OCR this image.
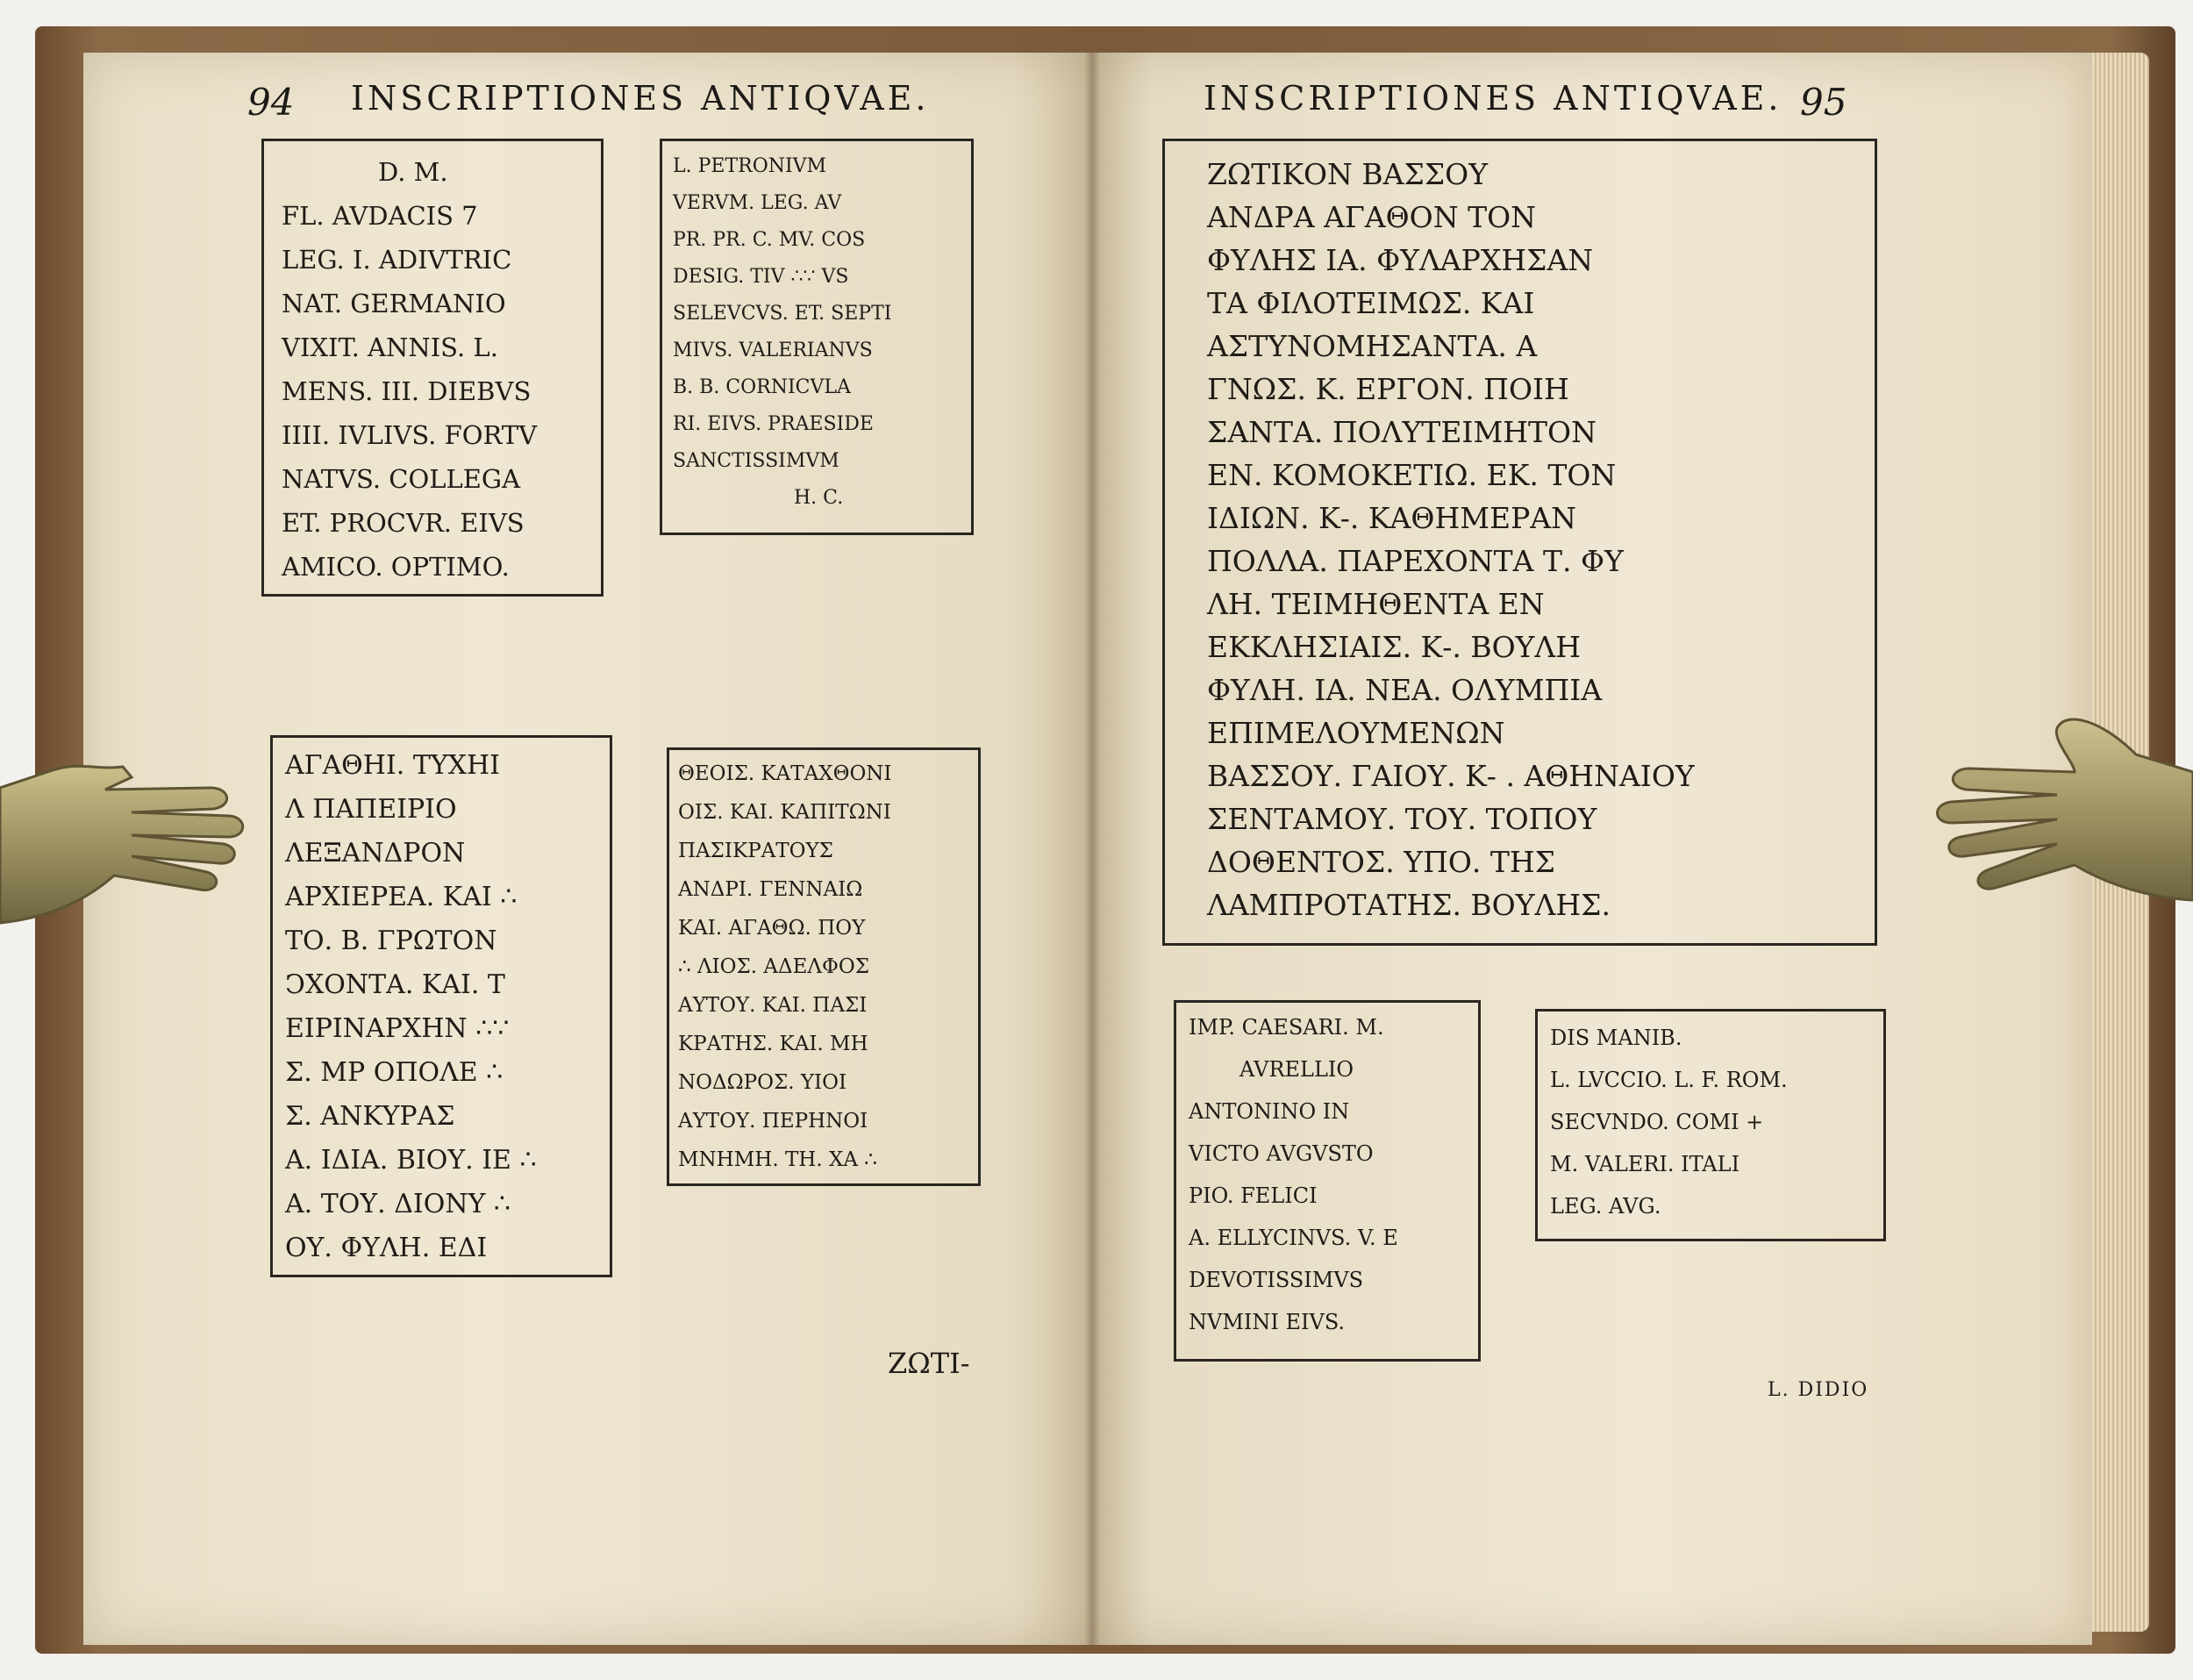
94 INSCRIPTIONES ANTIQVAE.	INSCRIPTIONES ANTIQVAE. 95
D. M.
FL. AVDACIS 7
LEG. I. ADIVTRIC
NAT. GERMANIO
VIXIT. ANNIS. L.
MENS. III. DIEBVS
IIII. IVLIVS. FORTV
NATVS. COLLEGA
ET. PROCVR. EIVS
AMICO. OPTIMO.
L. PETRONIVM
VERVM. LEG. AV
PR. PR. C. MV. COS
DESIG. TIV ∴∵ VS
SELEVCVS. ET. SEPTI
MIVS. VALERIANVS
B. B. CORNICVLA
RI. EIVS. PRAESIDE
SANCTISSIMVM
H. C.
ΑΓΑΘΗΙ. ΤΥΧΗΙ
Λ ΠΑΠΕΙΡΙΟ
ΛΕΞΑΝΔΡΟΝ
ΑΡΧΙΕΡΕΑ. ΚΑΙ ∴
ΤΟ. Β. ΓΡΩΤΟΝ
ϽΧΟΝΤΑ. ΚΑΙ. Τ
ΕΙΡΙΝΑΡΧΗΝ ∴∵
Σ. ΜΡ ΟΠΟΛΕ ∴
Σ. ΑΝΚΥΡΑΣ
Α. ΙΔΙΑ. ΒΙΟΥ. ΙΕ ∴
Α. ΤΟΥ. ΔΙΟΝΥ ∴
ΟΥ. ΦΥΛΗ. ΕΔΙ
ΘΕΟΙΣ. ΚΑΤΑΧΘΟΝΙ
ΟΙΣ. ΚΑΙ. ΚΑΠΙΤΩΝΙ
ΠΑΣΙΚΡΑΤΟΥΣ
ΑΝΔΡΙ. ΓΕΝΝΑΙΩ
ΚΑΙ. ΑΓΑΘΩ. ΠΟΥ
∴ ΛΙΟΣ. ΑΔΕΛΦΟΣ
ΑΥΤΟΥ. ΚΑΙ. ΠΑΣΙ
ΚΡΑΤΗΣ. ΚΑΙ. ΜΗ
ΝΟΔΩΡΟΣ. ΥΙΟΙ
ΑΥΤΟΥ. ΠΕΡΗΝΟΙ
ΜΝΗΜΗ. ΤΗ. ΧΑ ∴
ΖΩΤΙ-
ΖΩΤΙΚΟΝ ΒΑΣΣΟΥ
ΑΝΔΡΑ ΑΓΑΘΟΝ ΤΟΝ
ΦΥΛΗΣ ΙΑ. ΦΥΛΑΡΧΗΣΑΝ
ΤΑ ΦΙΛΟΤΕΙΜΩΣ. ΚΑΙ
ΑΣΤΥΝΟΜΗΣΑΝΤΑ. Α
ΓΝΩΣ. Κ. ΕΡΓΟΝ. ΠΟΙΗ
ΣΑΝΤΑ. ΠΟΛΥΤΕΙΜΗΤΟΝ
ΕΝ. ΚΟΜΟΚΕΤΙΩ. ΕΚ. ΤΟΝ
ΙΔΙΩΝ. Κ-. ΚΑΘΗΜΕΡΑΝ
ΠΟΛΛΑ. ΠΑΡΕΧΟΝΤΑ Τ. ΦΥ
ΛΗ. ΤΕΙΜΗΘΕΝΤΑ ΕΝ
ΕΚΚΛΗΣΙΑΙΣ. Κ-. ΒΟΥΛΗ
ΦΥΛΗ. ΙΑ. ΝΕΑ. ΟΛΥΜΠΙΑ
ΕΠΙΜΕΛΟΥΜΕΝΩΝ
ΒΑΣΣΟΥ. ΓΑΙΟΥ. Κ- . ΑΘΗΝΑΙΟΥ
ΣΕΝΤΑΜΟΥ. ΤΟΥ. ΤΟΠΟΥ
ΔΟΘΕΝΤΟΣ. ΥΠΟ. ΤΗΣ
ΛΑΜΠΡΟΤΑΤΗΣ. ΒΟΥΛΗΣ.
IMP. CAESARI. M.
AVRELLIO
ANTONINO IN
VICTO AVGVSTO
PIO. FELICI
A. ELLYCINVS. V. E
DEVOTISSIMVS
NVMINI EIVS.
DIS MANIB.
L. LVCCIO. L. F. ROM.
SECVNDO. COMI +
M. VALERI. ITALI
LEG. AVG.
L. DIDIO
